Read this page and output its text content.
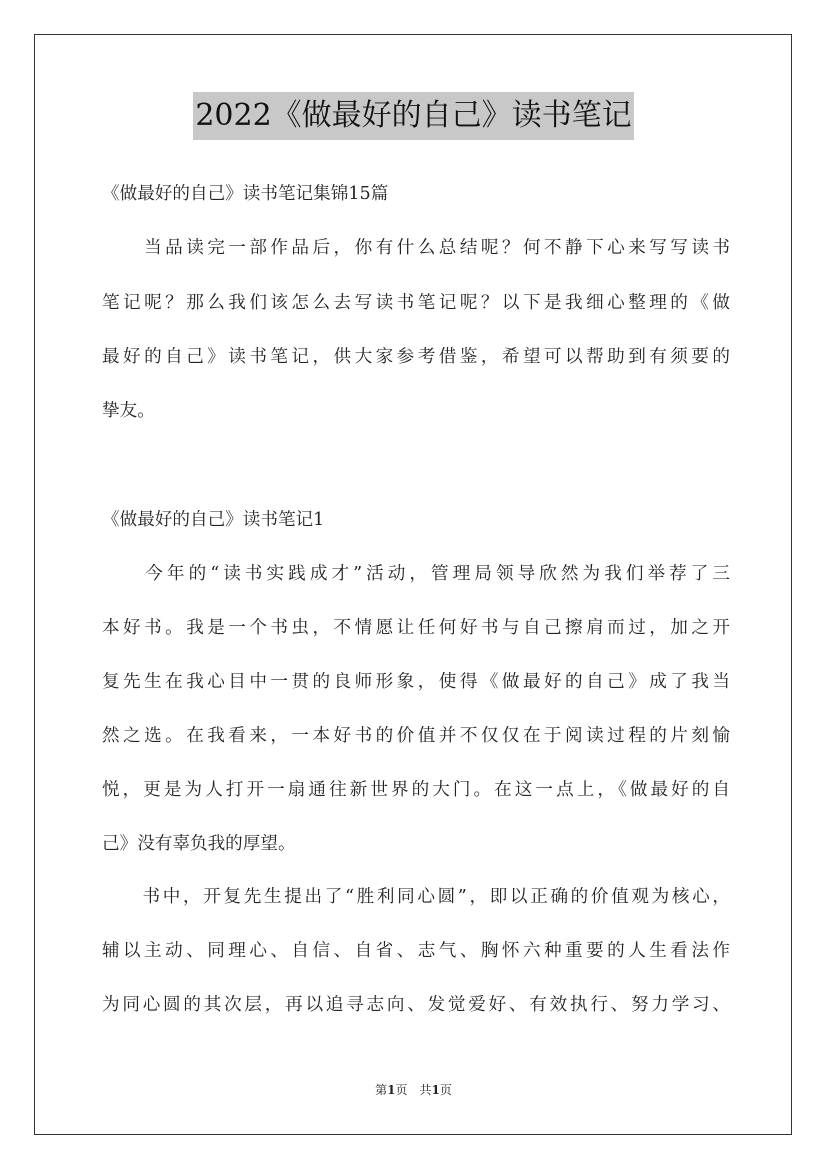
2022《做最好的自己》读书笔记
《做最好的自己》读书笔记集锦15篇
　　当品读完一部作品后，你有什么总结呢？何不静下心来写写读书
笔记呢？那么我们该怎么去写读书笔记呢？以下是我细心整理的《做
最好的自己》读书笔记，供大家参考借鉴，希望可以帮助到有须要的
挚友。
《做最好的自己》读书笔记1
　　今年的“读书实践成才”活动，管理局领导欣然为我们举荐了三
本好书。我是一个书虫，不情愿让任何好书与自己擦肩而过，加之开
复先生在我心目中一贯的良师形象，使得《做最好的自己》成了我当
然之选。在我看来，一本好书的价值并不仅仅在于阅读过程的片刻愉
悦，更是为人打开一扇通往新世界的大门。在这一点上，《做最好的自
己》没有辜负我的厚望。
　　书中，开复先生提出了“胜利同心圆”，即以正确的价值观为核心，
辅以主动、同理心、自信、自省、志气、胸怀六种重要的人生看法作
为同心圆的其次层，再以追寻志向、发觉爱好、有效执行、努力学习、
第1页　共1页
